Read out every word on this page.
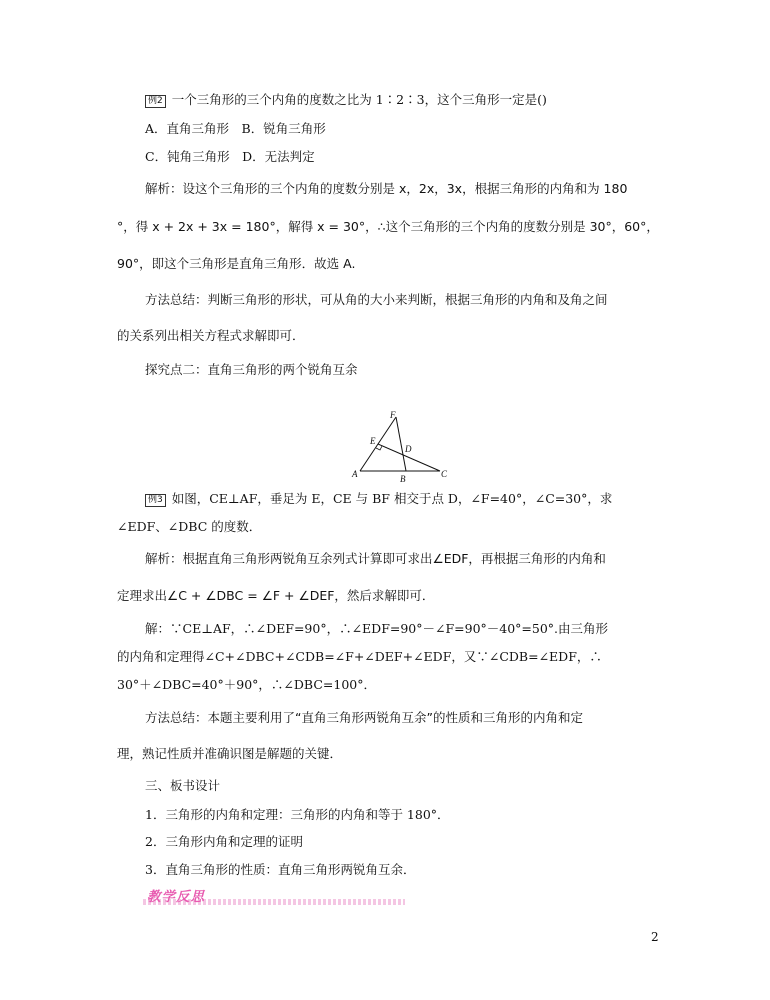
例2 一个三角形的三个内角的度数之比为 1∶2∶3，这个三角形一定是()
A．直角三角形　B．锐角三角形
C．钝角三角形　D．无法判定
解析：设这个三角形的三个内角的度数分别是 x，2x，3x，根据三角形的内角和为 180
°，得 x + 2x + 3x = 180°，解得 x = 30°，∴这个三角形的三个内角的度数分别是 30°，60°，
90°，即这个三角形是直角三角形．故选 A.
方法总结：判断三角形的形状，可从角的大小来判断，根据三角形的内角和及角之间
的关系列出相关方程式求解即可．
探究点二：直角三角形的两个锐角互余
F
E
D
A	B	C
例3 如图，CE⊥AF，垂足为 E，CE 与 BF 相交于点 D，∠F=40°，∠C=30°，求
∠EDF、∠DBC 的度数．
解析：根据直角三角形两锐角互余列式计算即可求出∠EDF，再根据三角形的内角和
定理求出∠C + ∠DBC = ∠F + ∠DEF，然后求解即可．
解：∵CE⊥AF，∴∠DEF=90°，∴∠EDF=90°－∠F=90°－40°=50°.由三角形
的内角和定理得∠C+∠DBC+∠CDB=∠F+∠DEF+∠EDF，又∵∠CDB=∠EDF，∴
30°＋∠DBC=40°＋90°，∴∠DBC=100°．
方法总结：本题主要利用了“直角三角形两锐角互余”的性质和三角形的内角和定
理，熟记性质并准确识图是解题的关键．
三、板书设计
1．三角形的内角和定理：三角形的内角和等于 180°．
2．三角形内角和定理的证明
3．直角三角形的性质：直角三角形两锐角互余．
教学反思
2
